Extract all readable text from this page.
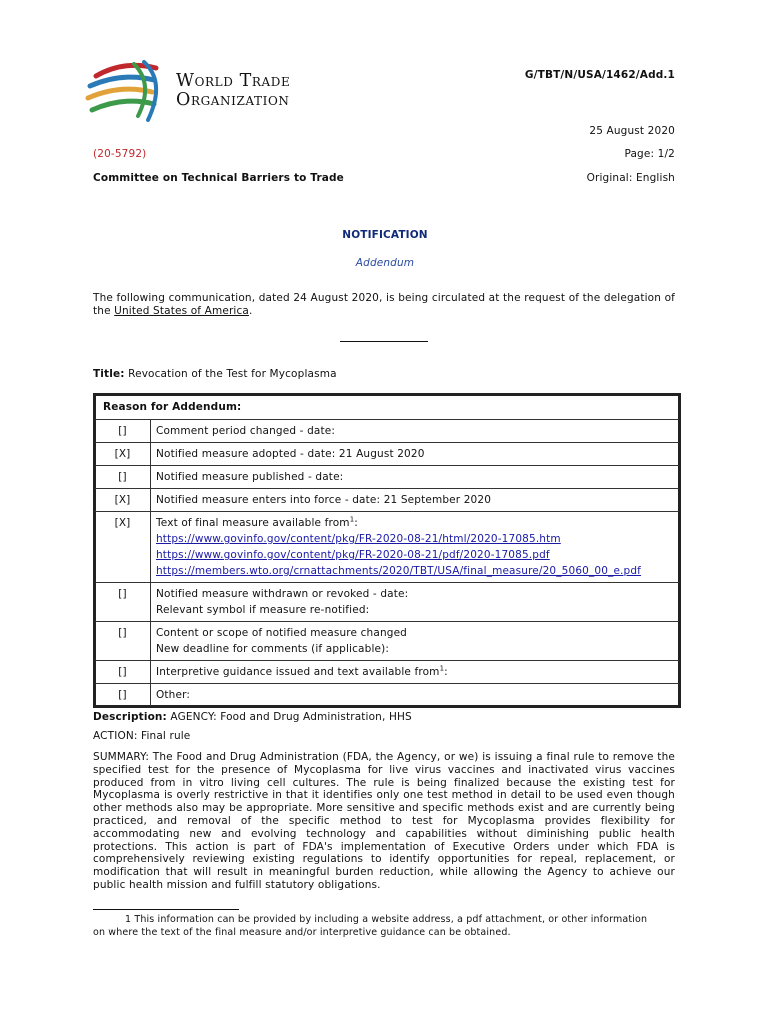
World Trade
Organization
G/TBT/N/USA/1462/Add.1
25 August 2020
(20-5792)	Page: 1/2
Committee on Technical Barriers to Trade	Original: English
NOTIFICATION
Addendum
The following communication, dated 24 August 2020, is being circulated at the request of the delegation of the United States of America.
Title: Revocation of the Test for Mycoplasma
Reason for Addendum:	
[]	Comment period changed - date:
[X]	Notified measure adopted - date: 21 August 2020
[]	Notified measure published - date:
[X]	Notified measure enters into force - date: 21 September 2020
[X]	Text of final measure available from$^1$:
https://www.govinfo.gov/content/pkg/FR-2020-08-21/html/2020-17085.htm
https://www.govinfo.gov/content/pkg/FR-2020-08-21/pdf/2020-17085.pdf
https://members.wto.org/crnattachments/2020/TBT/USA/final_measure/20_5060_00_e.pdf

[]	Notified measure withdrawn or revoked - date:
Relevant symbol if measure re-notified:

[]	Content or scope of notified measure changed
New deadline for comments (if applicable):

[]	Interpretive guidance issued and text available from$^1$:
[]	Other:
Description: AGENCY: Food and Drug Administration, HHS
ACTION: Final rule
SUMMARY: The Food and Drug Administration (FDA, the Agency, or we) is issuing a final rule to remove the specified test for the presence of Mycoplasma for live virus vaccines and inactivated virus vaccines produced from in vitro living cell cultures. The rule is being finalized because the existing test for Mycoplasma is overly restrictive in that it identifies only one test method in detail to be used even though other methods also may be appropriate. More sensitive and specific methods exist and are currently being practiced, and removal of the specific method to test for Mycoplasma provides flexibility for accommodating new and evolving technology and capabilities without diminishing public health protections. This action is part of FDA's implementation of Executive Orders under which FDA is comprehensively reviewing existing regulations to identify opportunities for repeal, replacement, or modification that will result in meaningful burden reduction, while allowing the Agency to achieve our public health mission and fulfill statutory obligations.
1 This information can be provided by including a website address, a pdf attachment, or other information on where the text of the final measure and/or interpretive guidance can be obtained.
